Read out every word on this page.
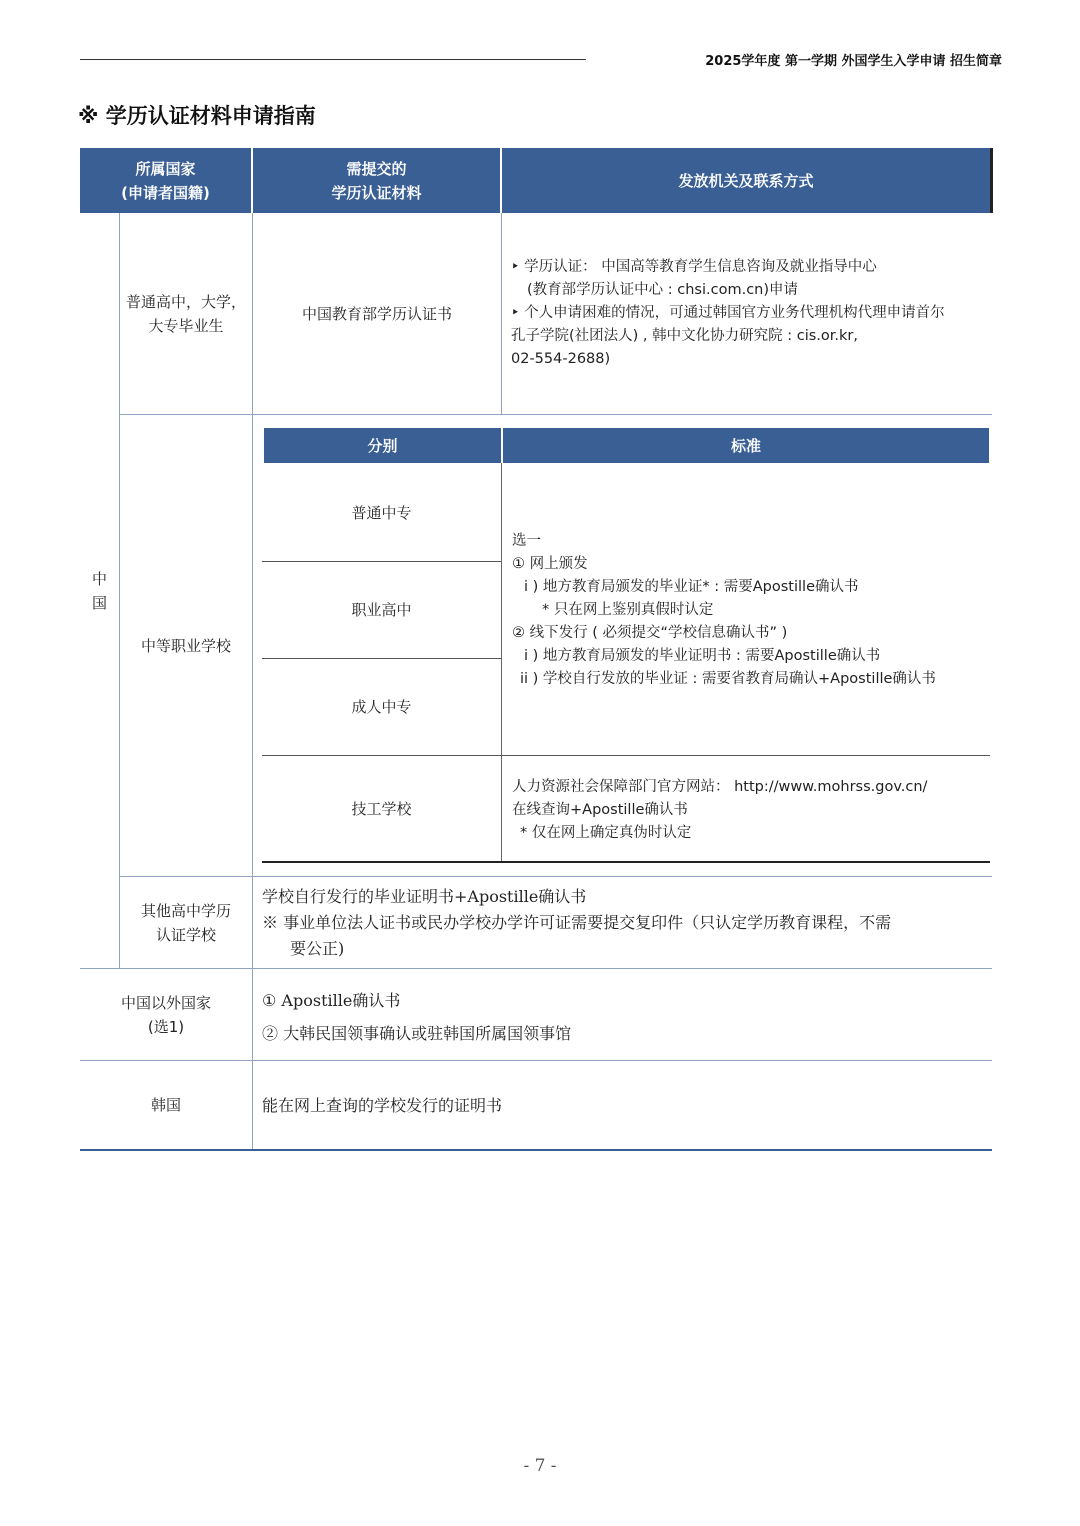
2025学年度 第一学期 外国学生入学申请 招生简章
※ 学历认证材料申请指南
所属国家
(申请者国籍)
需提交的
学历认证材料
发放机关及联系方式
中
国
普通高中，大学，
大专毕业生
中国教育部学历认证书
‣ 学历认证： 中国高等教育学生信息咨询及就业指导中心
(教育部学历认证中心 : chsi.com.cn)申请
‣ 个人申请困难的情况，可通过韩国官方业务代理机构代理申请首尔
孔子学院(社团法人) , 韩中文化协力研究院 : cis.or.kr,
02-554-2688)
中等职业学校
分别	标准
普通中专
职业高中
成人中专
技工学校
选一
① 网上颁发
i ) 地方教育局颁发的毕业证* : 需要Apostille确认书
* 只在网上鉴别真假时认定
② 线下发行 ( 必须提交“学校信息确认书” )
i ) 地方教育局颁发的毕业证明书 : 需要Apostille确认书
ii ) 学校自行发放的毕业证 : 需要省教育局确认+Apostille确认书
人力资源社会保障部门官方网站： http://www.mohrss.gov.cn/
在线查询+Apostille确认书
* 仅在网上确定真伪时认定
其他高中学历
认证学校
学校自行发行的毕业证明书+Apostille确认书
※ 事业单位法人证书或民办学校办学许可证需要提交复印件（只认定学历教育课程，不需
要公正)
中国以外国家
(选1)
① Apostille确认书
② 大韩民国领事确认或驻韩国所属国领事馆
韩国	能在网上查询的学校发行的证明书
- 7 -
